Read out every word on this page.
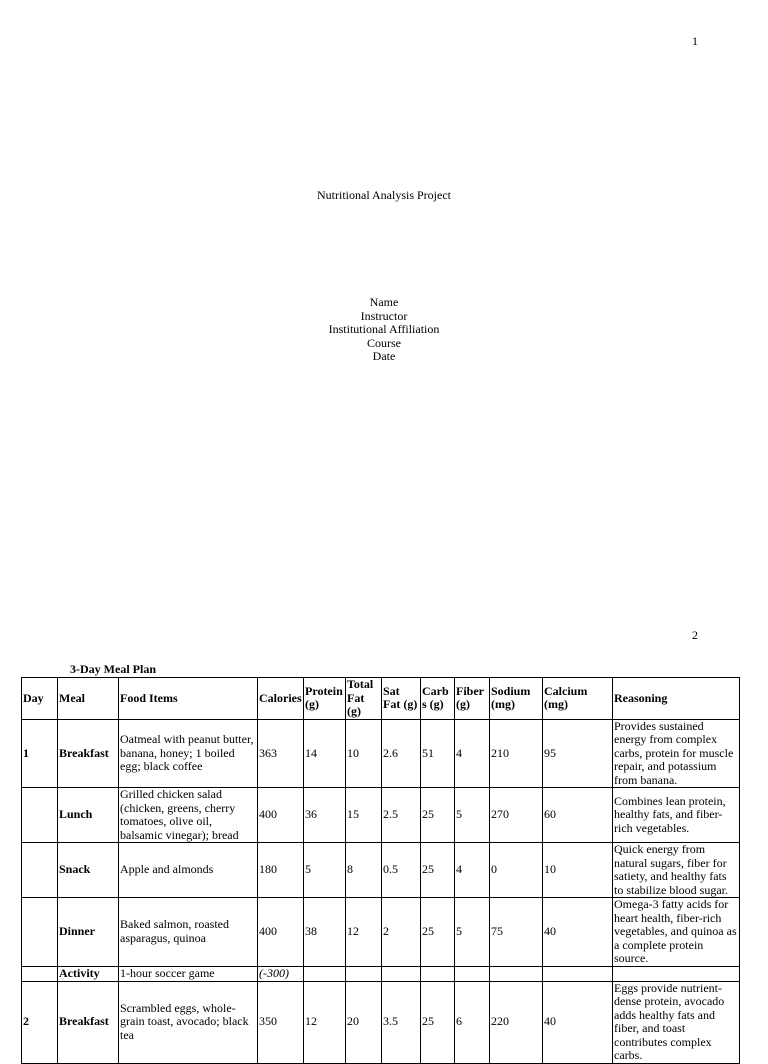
1
Nutritional Analysis Project
Name
Instructor
Institutional Affiliation
Course
Date
2
3-Day Meal Plan
Day	Meal	Food Items	Calories	Protein (g)	Total Fat (g)	Sat Fat (g)	Carbs (g)	Fiber (g)	Sodium (mg)	Calcium (mg)	Reasoning
1	Breakfast	Oatmeal with peanut butter, banana, honey; 1 boiled egg; black coffee	363	14	10	2.6	51	4	210	95	Provides sustained energy from complex carbs, protein for muscle repair, and potassium from banana.
	Lunch	Grilled chicken salad (chicken, greens, cherry tomatoes, olive oil, balsamic vinegar); bread	400	36	15	2.5	25	5	270	60	Combines lean protein, healthy fats, and fiber-rich vegetables.
	Snack	Apple and almonds	180	5	8	0.5	25	4	0	10	Quick energy from natural sugars, fiber for satiety, and healthy fats to stabilize blood sugar.
	Dinner	Baked salmon, roasted asparagus, quinoa	400	38	12	2	25	5	75	40	Omega-3 fatty acids for heart health, fiber-rich vegetables, and quinoa as a complete protein source.
	Activity	1-hour soccer game	(-300)								
2	Breakfast	Scrambled eggs, whole-grain toast, avocado; black tea	350	12	20	3.5	25	6	220	40	Eggs provide nutrient-dense protein, avocado adds healthy fats and fiber, and toast contributes complex carbs.
